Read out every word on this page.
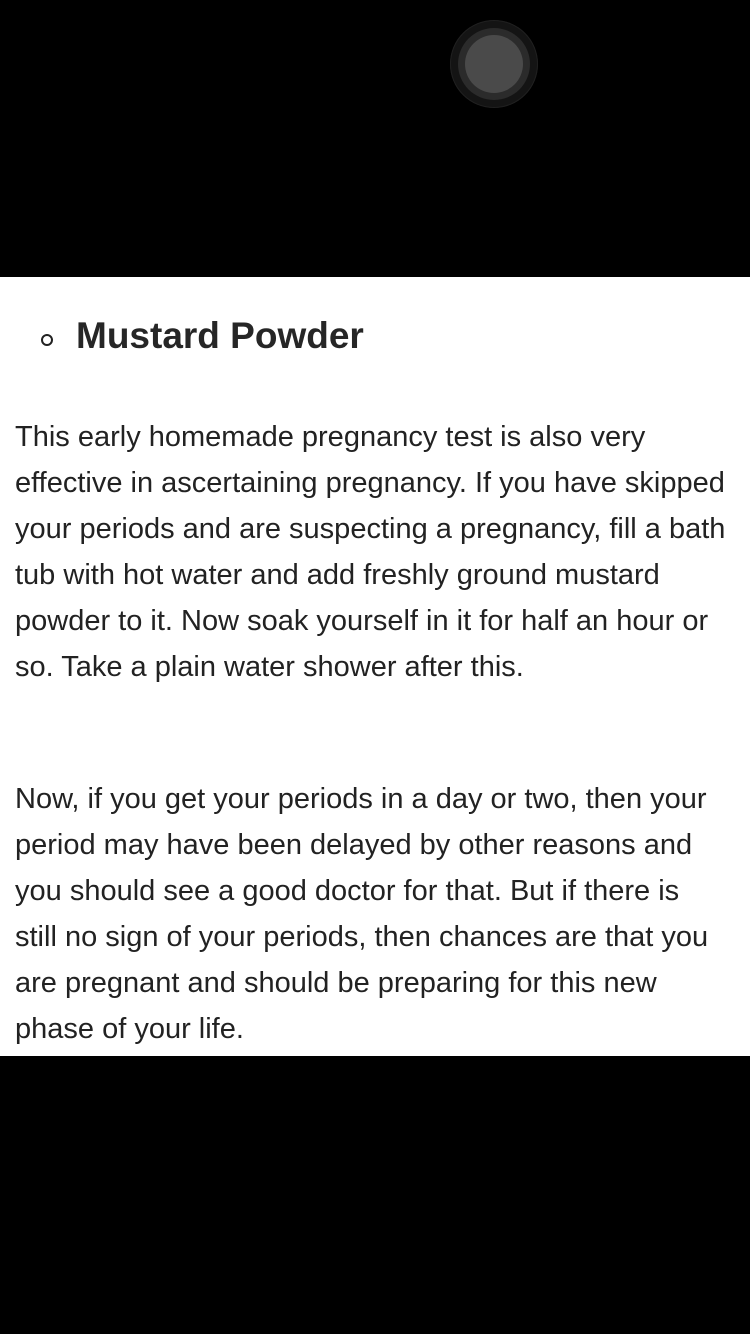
Mustard Powder

This early homemade pregnancy test is also very effective in ascertaining pregnancy. If you have skipped your periods and are suspecting a pregnancy, fill a bath tub with hot water and add freshly ground mustard powder to it. Now soak yourself in it for half an hour or so. Take a plain water shower after this.

Now, if you get your periods in a day or two, then your period may have been delayed by other reasons and you should see a good doctor for that. But if there is still no sign of your periods, then chances are that you are pregnant and should be preparing for this new phase of your life.
